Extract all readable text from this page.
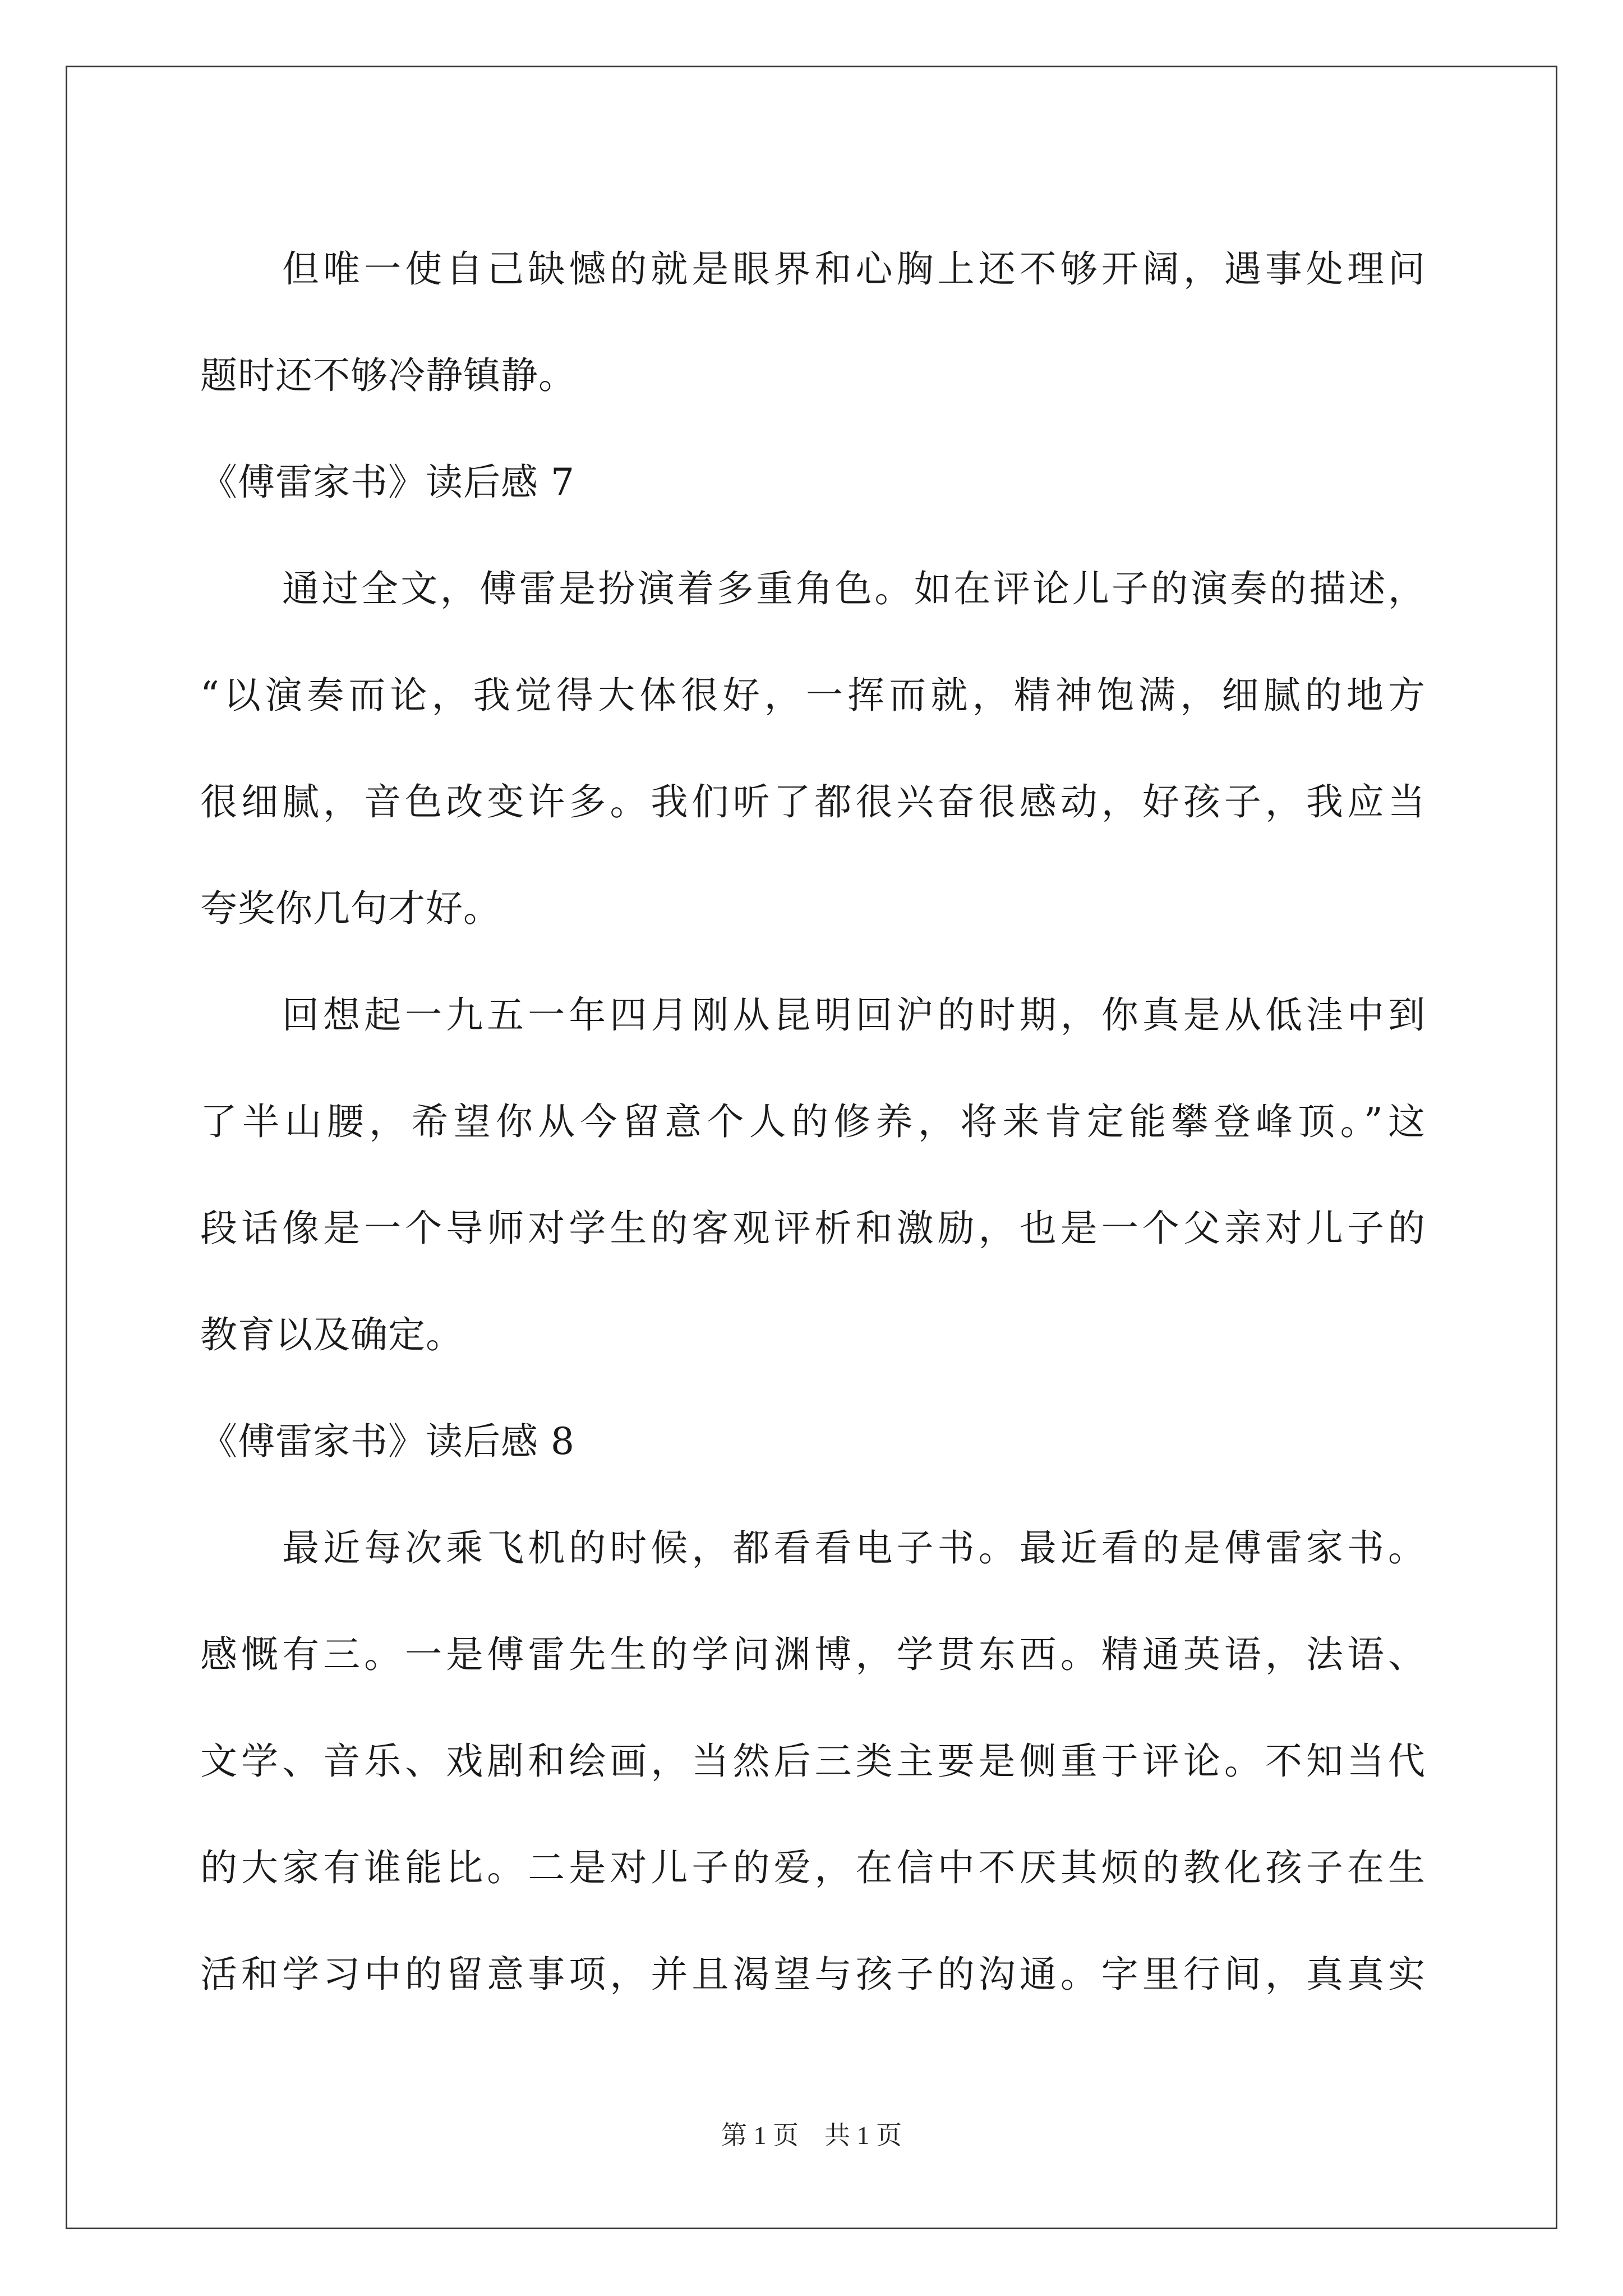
但唯一使自己缺憾的就是眼界和心胸上还不够开阔，遇事处理问
题时还不够冷静镇静。
《傅雷家书》读后感 7
通过全文，傅雷是扮演着多重角色。如在评论儿子的演奏的描述，
“以演奏而论，我觉得大体很好，一挥而就，精神饱满，细腻的地方
很细腻，音色改变许多。我们听了都很兴奋很感动，好孩子，我应当
夸奖你几句才好。
回想起一九五一年四月刚从昆明回沪的时期，你真是从低洼中到
了半山腰，希望你从今留意个人的修养，将来肯定能攀登峰顶。”这
段话像是一个导师对学生的客观评析和激励，也是一个父亲对儿子的
教育以及确定。
《傅雷家书》读后感 8
最近每次乘飞机的时候，都看看电子书。最近看的是傅雷家书。
感慨有三。一是傅雷先生的学问渊博，学贯东西。精通英语，法语、
文学、音乐、戏剧和绘画，当然后三类主要是侧重于评论。不知当代
的大家有谁能比。二是对儿子的爱，在信中不厌其烦的教化孩子在生
活和学习中的留意事项，并且渴望与孩子的沟通。字里行间，真真实
第 1 页 共 1 页
